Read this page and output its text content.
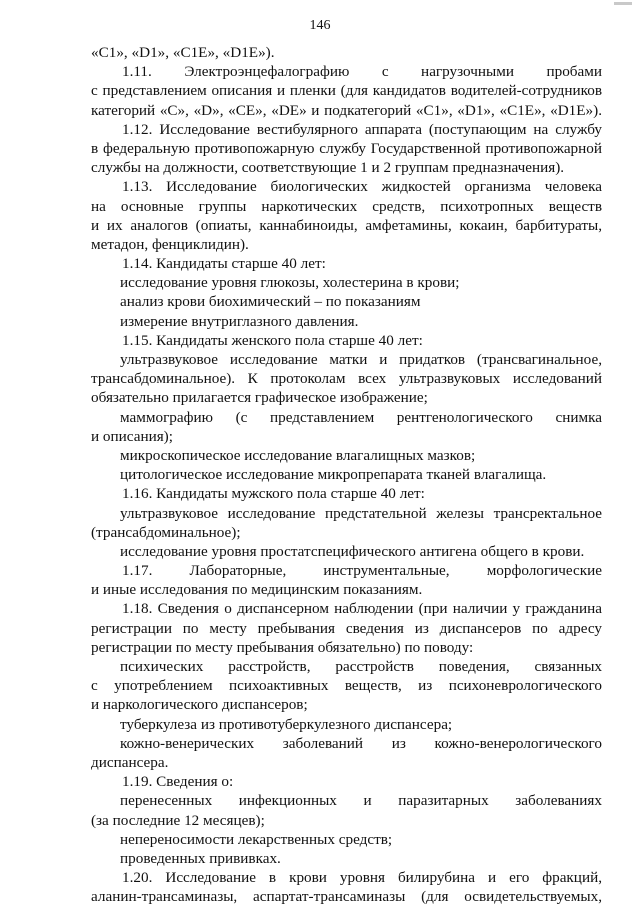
146
«C1», «D1», «C1E», «D1E»).
1.11. Электроэнцефалографию с нагрузочными пробами
с представлением описания и пленки (для кандидатов водителей-сотрудников
категорий «C», «D», «CE», «DE» и подкатегорий «C1», «D1», «C1E», «D1E»).
1.12. Исследование вестибулярного аппарата (поступающим на службу
в федеральную противопожарную службу Государственной противопожарной
службы на должности, соответствующие 1 и 2 группам предназначения).
1.13. Исследование биологических жидкостей организма человека
на основные группы наркотических средств, психотропных веществ
и их аналогов (опиаты, каннабиноиды, амфетамины, кокаин, барбитураты,
метадон, фенциклидин).
1.14. Кандидаты старше 40 лет:
исследование уровня глюкозы, холестерина в крови;
анализ крови биохимический – по показаниям
измерение внутриглазного давления.
1.15. Кандидаты женского пола старше 40 лет:
ультразвуковое исследование матки и придатков (трансвагинальное,
трансабдоминальное). К протоколам всех ультразвуковых исследований
обязательно прилагается графическое изображение;
маммографию (с представлением рентгенологического снимка
и описания);
микроскопическое исследование влагалищных мазков;
цитологическое исследование микропрепарата тканей влагалища.
1.16. Кандидаты мужского пола старше 40 лет:
ультразвуковое исследование предстательной железы трансректальное
(трансабдоминальное);
исследование уровня простатспецифического антигена общего в крови.
1.17. Лабораторные, инструментальные, морфологические
и иные исследования по медицинским показаниям.
1.18. Сведения о диспансерном наблюдении (при наличии у гражданина
регистрации по месту пребывания сведения из диспансеров по адресу
регистрации по месту пребывания обязательно) по поводу:
психических расстройств, расстройств поведения, связанных
с употреблением психоактивных веществ, из психоневрологического
и наркологического диспансеров;
туберкулеза из противотуберкулезного диспансера;
кожно-венерических заболеваний из кожно-венерологического
диспансера.
1.19. Сведения о:
перенесенных инфекционных и паразитарных заболеваниях
(за последние 12 месяцев);
непереносимости лекарственных средств;
проведенных прививках.
1.20. Исследование в крови уровня билирубина и его фракций,
аланин-трансаминазы, аспартат-трансаминазы (для освидетельствуемых,
